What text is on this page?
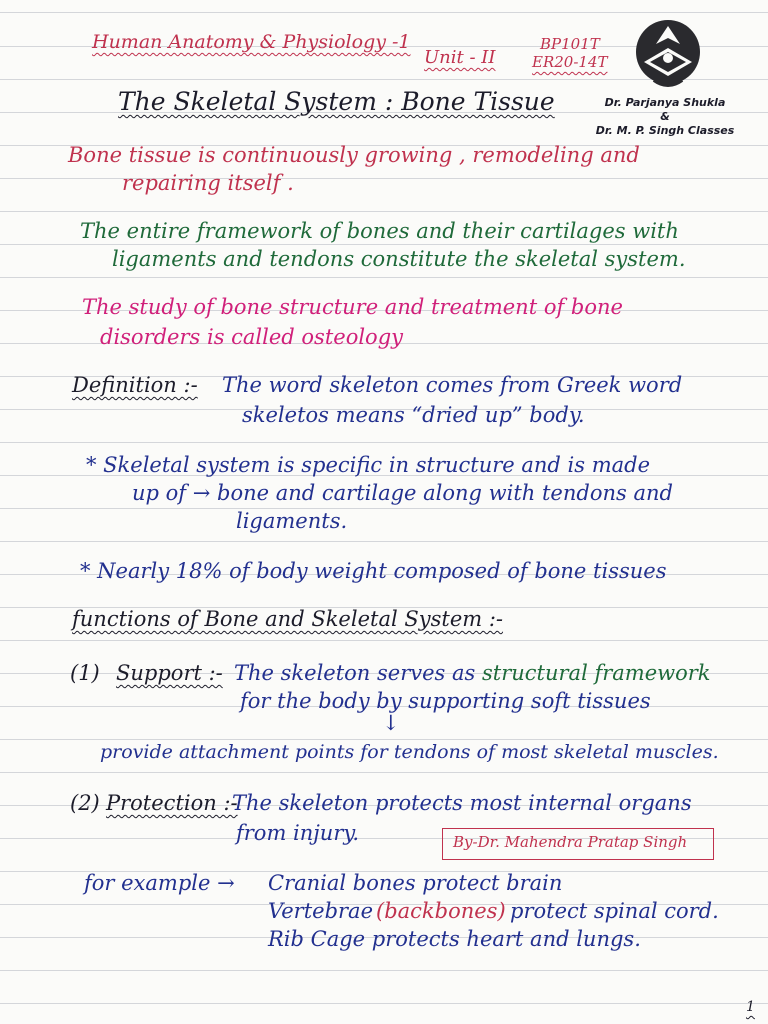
Human Anatomy & Physiology -1
Unit - II
BP101T
ER20-14T
Dr. Parjanya Shukla
&
Dr. M. P. Singh Classes
The Skeletal System : Bone Tissue
Bone tissue is continuously growing , remodeling and
repairing itself .
The entire framework of bones and their cartilages with
ligaments and tendons constitute the skeletal system.
The study of bone structure and treatment of bone
disorders is called osteology
Definition :- The word skeleton comes from Greek word
skeletos means “dried up” body.
* Skeletal system is specific in structure and is made
up of → bone and cartilage along with tendons and
ligaments.
* Nearly 18% of body weight composed of bone tissues
functions of Bone and Skeletal System :-
(1) Support :- The skeleton serves as structural framework
for the body by supporting soft tissues
↓
provide attachment points for tendons of most skeletal muscles.
(2) Protection :-
The skeleton protects most internal organs
from injury.	By-Dr. Mahendra Pratap Singh
for example → Cranial bones protect brain
Vertebrae (backbones) protect spinal cord.
Rib Cage protects heart and lungs.
1
